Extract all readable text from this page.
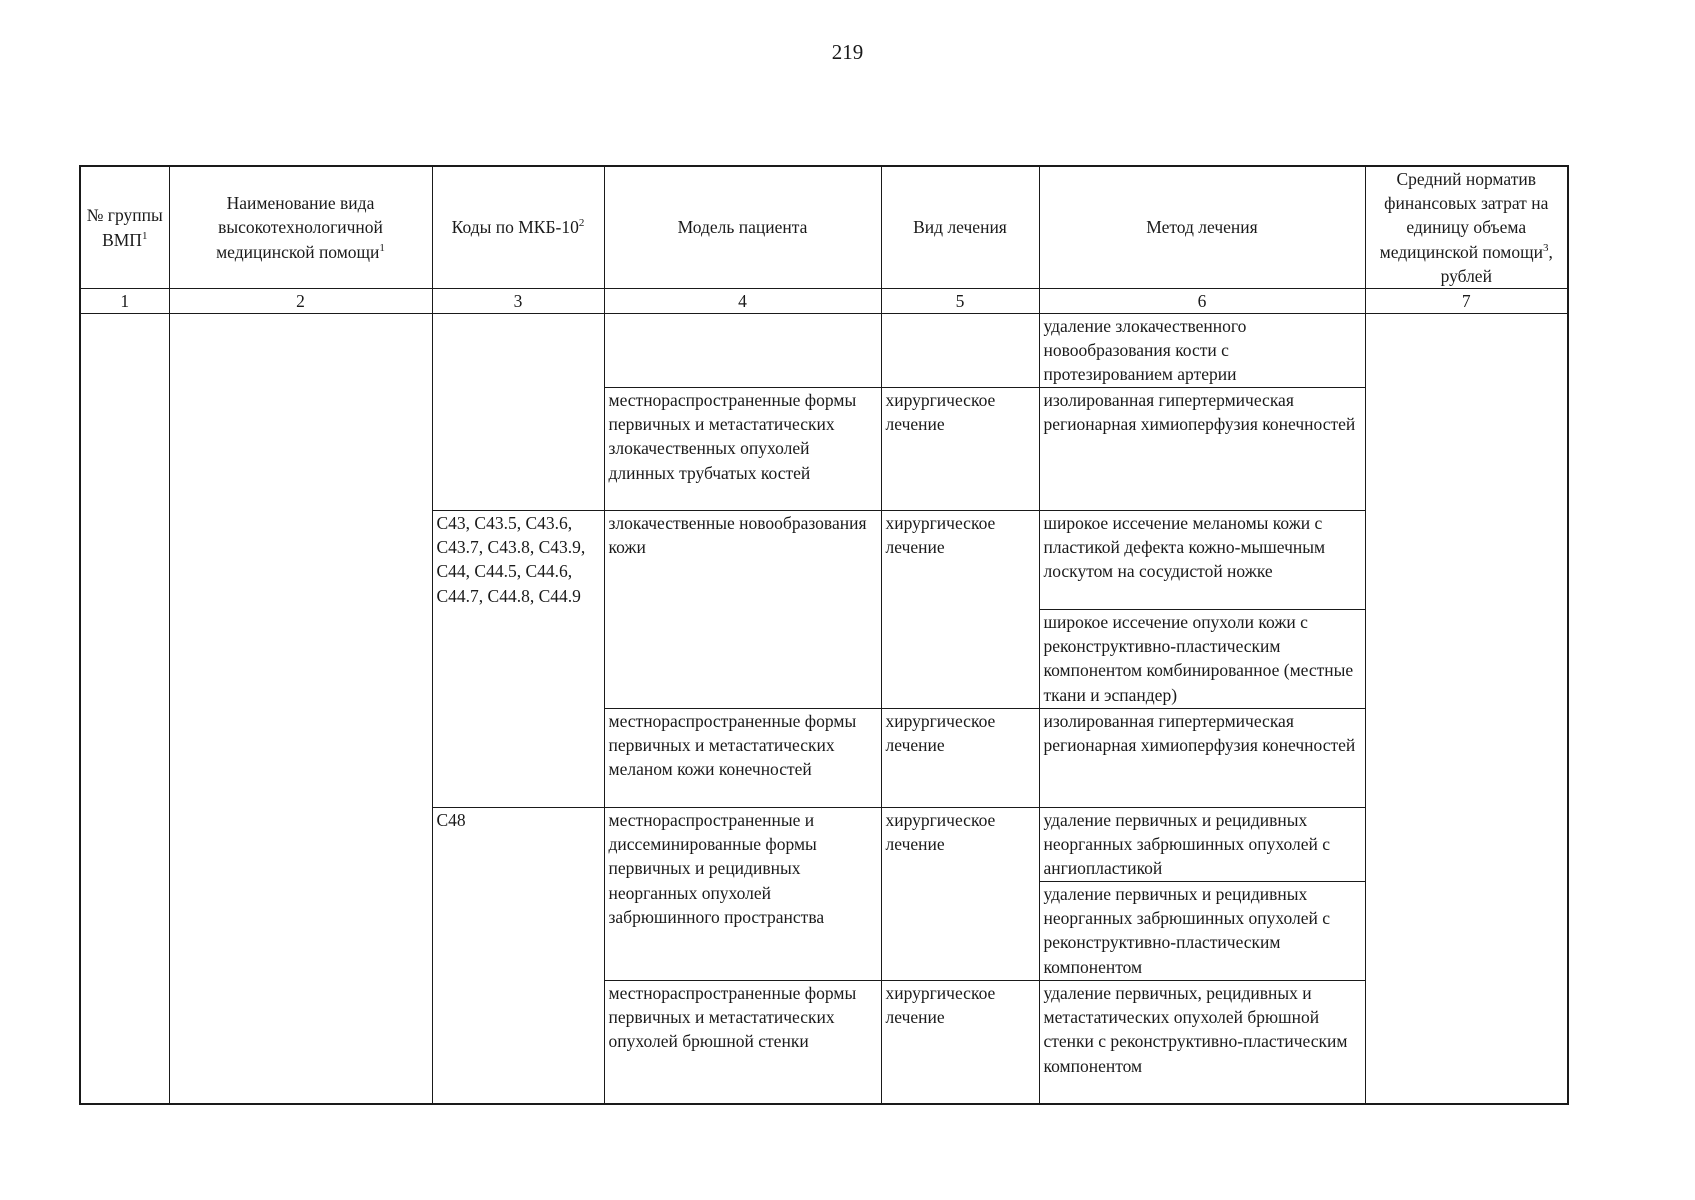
219
№ группы ВМП$^1$	Наименование вида высокотехнологичной медицинской помощи$^1$	Коды по МКБ-$10^2$	Модель пациента	Вид лечения	Метод лечения	Средний норматив финансовых затрат на единицу объема медицинской помощи$^3$, рублей
1	2	3	4	5	6	7
					удаление злокачественного новообразования кости с протезированием артерии	
			местнораспространенные формы первичных и метастатических злокачественных опухолей длинных трубчатых костей	хирургическое лечение	изолированная гипертермическая регионарная химиоперфузия конечностей	
		C43, C43.5, C43.6, C43.7, C43.8, C43.9, C44, C44.5, C44.6, C44.7, C44.8, C44.9	злокачественные новообразования кожи	хирургическое лечение	широкое иссечение меланомы кожи с пластикой дефекта кожно-мышечным лоскутом на сосудистой ножке	
					широкое иссечение опухоли кожи с реконструктивно-пластическим компонентом комбинированное (местные ткани и эспандер)	
			местнораспространенные формы первичных и метастатических меланом кожи конечностей	хирургическое лечение	изолированная гипертермическая регионарная химиоперфузия конечностей	
		C48	местнораспространенные и диссеминированные формы первичных и рецидивных неорганных опухолей забрюшинного пространства	хирургическое лечение	удаление первичных и рецидивных неорганных забрюшинных опухолей с ангиопластикой	
					удаление первичных и рецидивных неорганных забрюшинных опухолей с реконструктивно-пластическим компонентом	
			местнораспространенные формы первичных и метастатических опухолей брюшной стенки	хирургическое лечение	удаление первичных, рецидивных и метастатических опухолей брюшной стенки с реконструктивно-пластическим компонентом	
